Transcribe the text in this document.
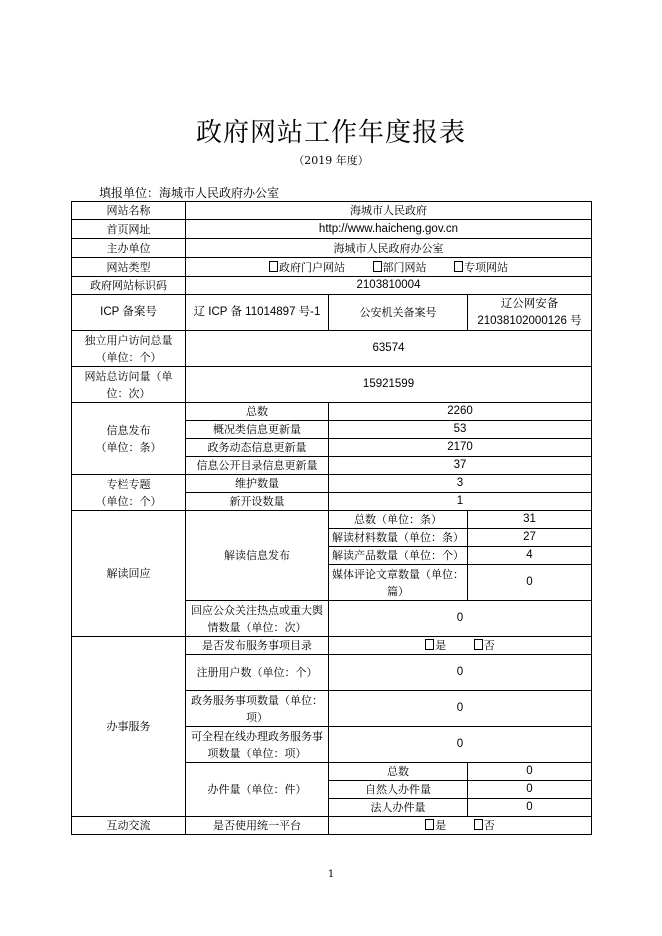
政府网站工作年度报表
（2019 年度）
填报单位：海城市人民政府办公室
网站名称	海城市人民政府		
首页网址	http://www.haicheng.gov.cn		
主办单位	海城市人民政府办公室		
网站类型	政府门户网站 部门网站 专项网站		
政府网站标识码	2103810004		
ICP 备案号	辽 ICP 备 11014897 号-1	公安机关备案号	辽公网安备 21038102000126 号
独立用户访问总量（单位：个）	63574		
网站总访问量（单位：次）	15921599		
信息发布
（单位：条）	总数	2260	
	概况类信息更新量	53	
	政务动态信息更新量	2170	
	信息公开目录信息更新量	37	
专栏专题
（单位：个）	维护数量	3	
	新开设数量	1	
解读回应	解读信息发布	总数（单位：条）	31
		解读材料数量（单位：条）	27
		解读产品数量（单位：个）	4
		媒体评论文章数量（单位：篇）	0
	回应公众关注热点或重大舆情数量（单位：次）	0	
办事服务	是否发布服务事项目录	是 否	
	注册用户数（单位：个）	0	
	政务服务事项数量（单位：项）	0	
	可全程在线办理政务服务事项数量（单位：项）	0	
	办件量（单位：件）	总数	0
		自然人办件量	0
		法人办件量	0
互动交流	是否使用统一平台	是 否	
1
